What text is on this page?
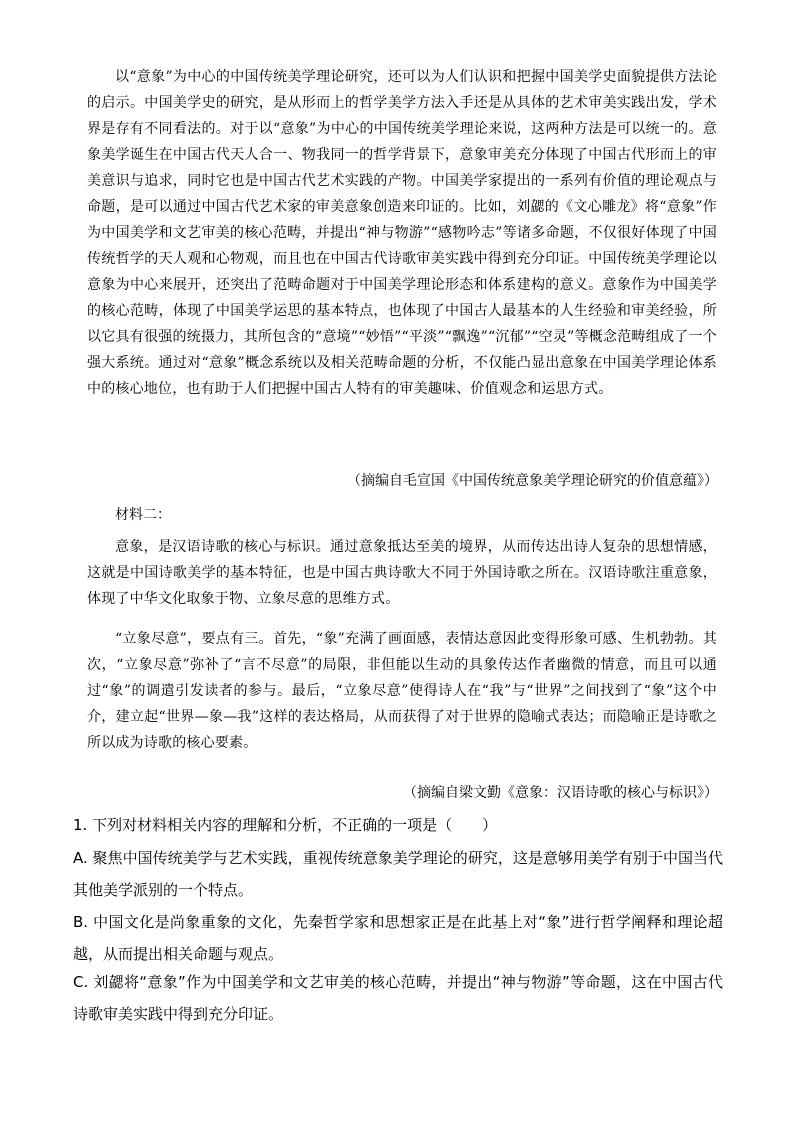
以“意象”为中心的中国传统美学理论研究，还可以为人们认识和把握中国美学史面貌提供方法论的启示。中国美学史的研究，是从形而上的哲学美学方法入手还是从具体的艺术审美实践出发，学术界是存有不同看法的。对于以“意象”为中心的中国传统美学理论来说，这两种方法是可以统一的。意象美学诞生在中国古代天人合一、物我同一的哲学背景下，意象审美充分体现了中国古代形而上的审美意识与追求，同时它也是中国古代艺术实践的产物。中国美学家提出的一系列有价值的理论观点与命题，是可以通过中国古代艺术家的审美意象创造来印证的。比如，刘勰的《文心雕龙》将“意象”作为中国美学和文艺审美的核心范畴，并提出“神与物游”“感物吟志”等诸多命题，不仅很好体现了中国传统哲学的天人观和心物观，而且也在中国古代诗歌审美实践中得到充分印证。中国传统美学理论以意象为中心来展开，还突出了范畴命题对于中国美学理论形态和体系建构的意义。意象作为中国美学的核心范畴，体现了中国美学运思的基本特点，也体现了中国古人最基本的人生经验和审美经验，所以它具有很强的统摄力，其所包含的“意境”“妙悟”“平淡”“飘逸”“沉郁”“空灵”等概念范畴组成了一个强大系统。通过对“意象”概念系统以及相关范畴命题的分析，不仅能凸显出意象在中国美学理论体系中的核心地位，也有助于人们把握中国古人特有的审美趣味、价值观念和运思方式。

（摘编自毛宣国《中国传统意象美学理论研究的价值意蕴》）

材料二：

意象，是汉语诗歌的核心与标识。通过意象抵达至美的境界，从而传达出诗人复杂的思想情感，这就是中国诗歌美学的基本特征，也是中国古典诗歌大不同于外国诗歌之所在。汉语诗歌注重意象，体现了中华文化取象于物、立象尽意的思维方式。

“立象尽意”，要点有三。首先，“象”充满了画面感，表情达意因此变得形象可感、生机勃勃。其次，“立象尽意”弥补了“言不尽意”的局限，非但能以生动的具象传达作者幽微的情意，而且可以通过“象”的调遣引发读者的参与。最后，“立象尽意”使得诗人在“我”与“世界”之间找到了“象”这个中介，建立起“世界—象—我”这样的表达格局，从而获得了对于世界的隐喻式表达；而隐喻正是诗歌之所以成为诗歌的核心要素。

（摘编自梁文勤《意象：汉语诗歌的核心与标识》）

1. 下列对材料相关内容的理解和分析，不正确的一项是（　　）

A. 聚焦中国传统美学与艺术实践，重视传统意象美学理论的研究，这是意够用美学有别于中国当代其他美学派别的一个特点。

B. 中国文化是尚象重象的文化，先秦哲学家和思想家正是在此基上对“象”进行哲学阐释和理论超越，从而提出相关命题与观点。

C. 刘勰将“意象”作为中国美学和文艺审美的核心范畴，并提出“神与物游”等命题，这在中国古代诗歌审美实践中得到充分印证。
